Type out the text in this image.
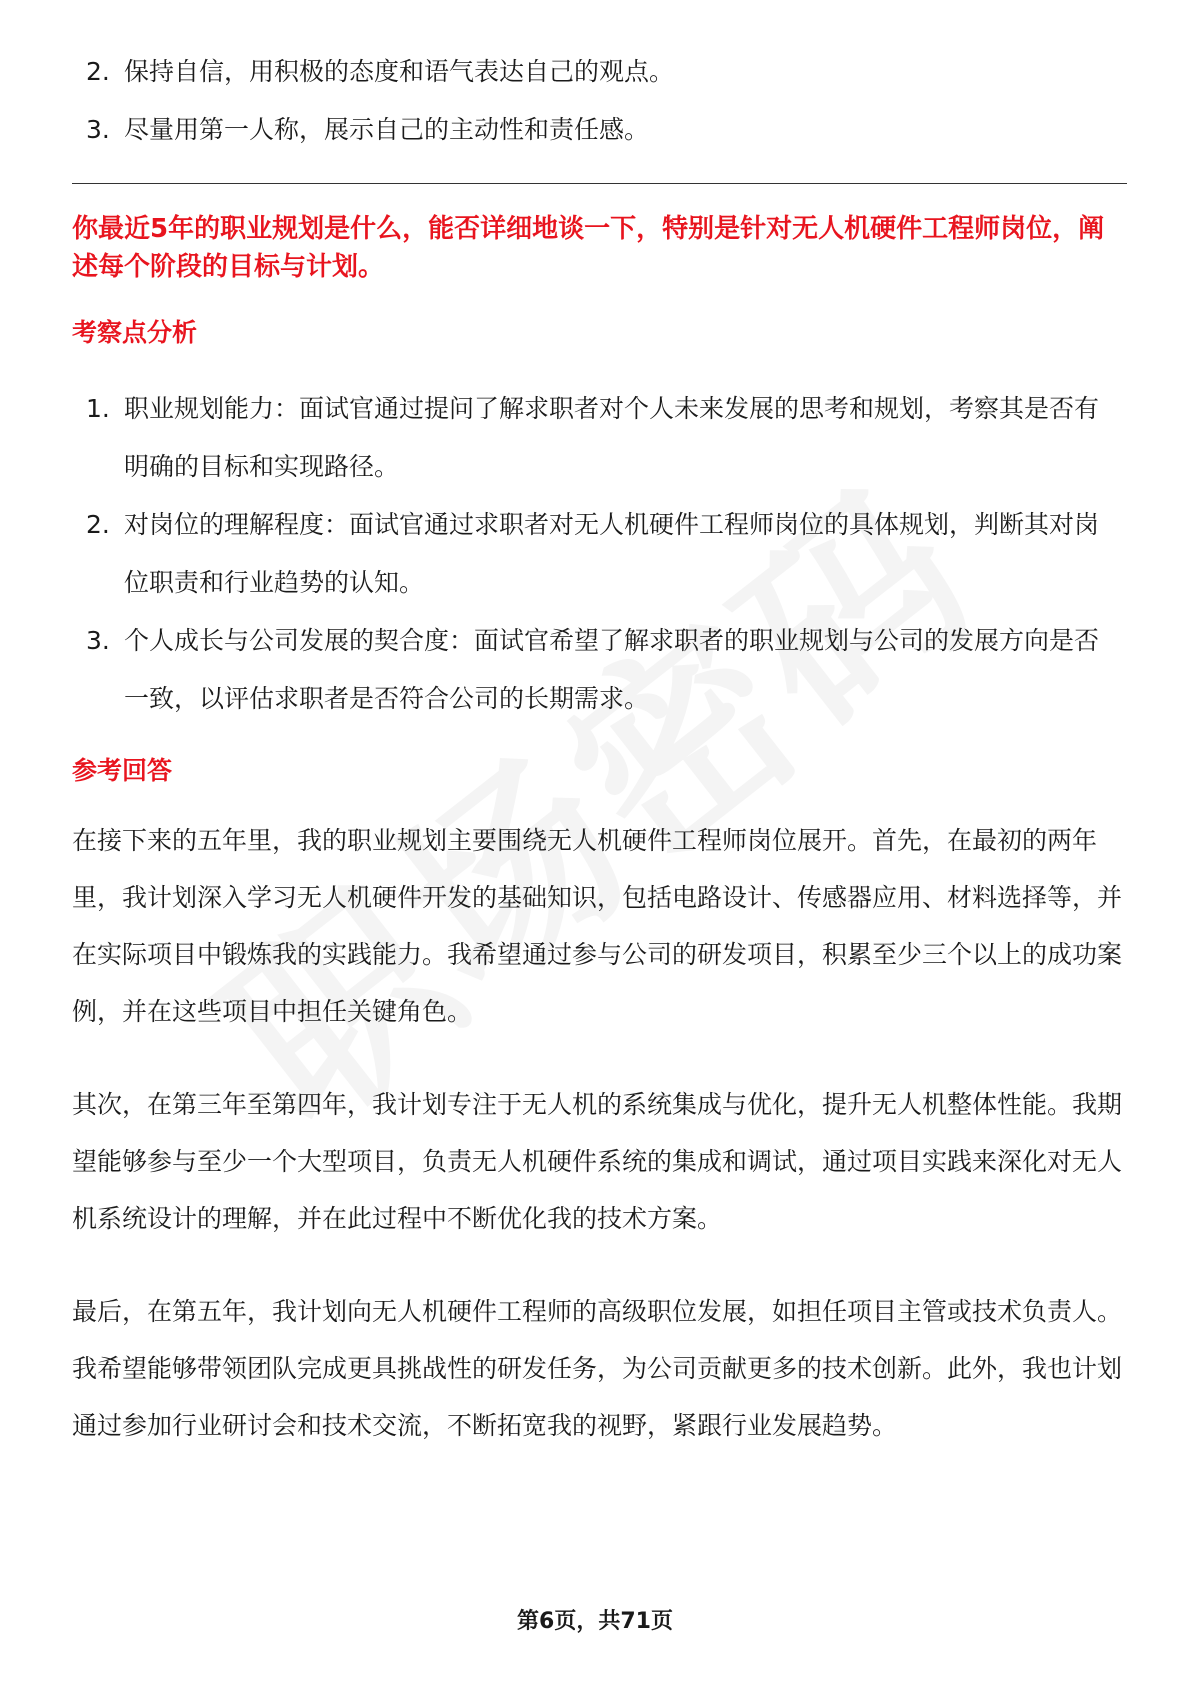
2. 保持自信，用积极的态度和语气表达自己的观点。
3. 尽量用第一人称，展示自己的主动性和责任感。
你最近5年的职业规划是什么，能否详细地谈一下，特别是针对无人机硬件工程师岗位，阐述每个阶段的目标与计划。
考察点分析
1. 职业规划能力：面试官通过提问了解求职者对个人未来发展的思考和规划，考察其是否有明确的目标和实现路径。
2. 对岗位的理解程度：面试官通过求职者对无人机硬件工程师岗位的具体规划，判断其对岗位职责和行业趋势的认知。
3. 个人成长与公司发展的契合度：面试官希望了解求职者的职业规划与公司的发展方向是否一致，以评估求职者是否符合公司的长期需求。
参考回答

在接下来的五年里，我的职业规划主要围绕无人机硬件工程师岗位展开。首先，在最初的两年里，我计划深入学习无人机硬件开发的基础知识，包括电路设计、传感器应用、材料选择等，并在实际项目中锻炼我的实践能力。我希望通过参与公司的研发项目，积累至少三个以上的成功案例，并在这些项目中担任关键角色。

其次，在第三年至第四年，我计划专注于无人机的系统集成与优化，提升无人机整体性能。我期望能够参与至少一个大型项目，负责无人机硬件系统的集成和调试，通过项目实践来深化对无人机系统设计的理解，并在此过程中不断优化我的技术方案。

最后，在第五年，我计划向无人机硬件工程师的高级职位发展，如担任项目主管或技术负责人。我希望能够带领团队完成更具挑战性的研发任务，为公司贡献更多的技术创新。此外，我也计划通过参加行业研讨会和技术交流，不断拓宽我的视野，紧跟行业发展趋势。

第6页，共71页
